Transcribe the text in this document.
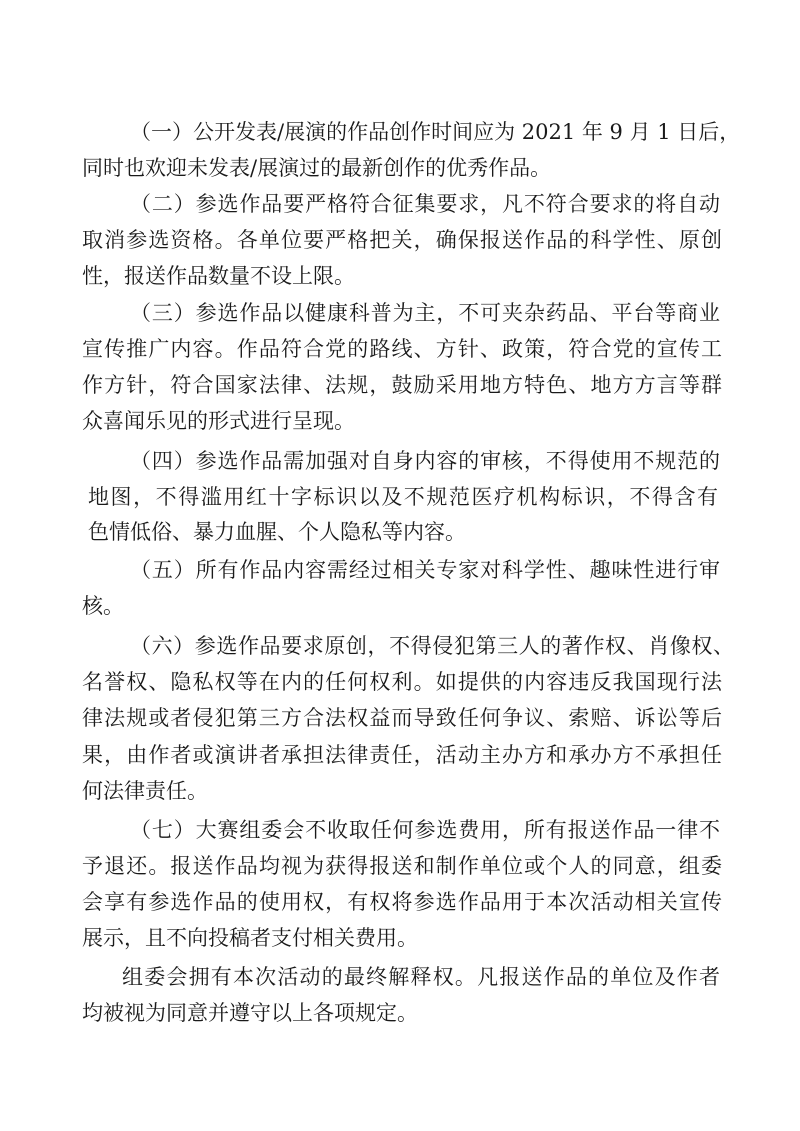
（一）公开发表/展演的作品创作时间应为 2021 年 9 月 1 日后，
同时也欢迎未发表/展演过的最新创作的优秀作品。
（二）参选作品要严格符合征集要求，凡不符合要求的将自动
取消参选资格。各单位要严格把关，确保报送作品的科学性、原创
性，报送作品数量不设上限。
（三）参选作品以健康科普为主，不可夹杂药品、平台等商业
宣传推广内容。作品符合党的路线、方针、政策，符合党的宣传工
作方针，符合国家法律、法规，鼓励采用地方特色、地方方言等群
众喜闻乐见的形式进行呈现。
（四）参选作品需加强对自身内容的审核，不得使用不规范的
地图，不得滥用红十字标识以及不规范医疗机构标识，不得含有
色情低俗、暴力血腥、个人隐私等内容。
（五）所有作品内容需经过相关专家对科学性、趣味性进行审
核。
（六）参选作品要求原创，不得侵犯第三人的著作权、肖像权、
名誉权、隐私权等在内的任何权利。如提供的内容违反我国现行法
律法规或者侵犯第三方合法权益而导致任何争议、索赔、诉讼等后
果，由作者或演讲者承担法律责任，活动主办方和承办方不承担任
何法律责任。
（七）大赛组委会不收取任何参选费用，所有报送作品一律不
予退还。报送作品均视为获得报送和制作单位或个人的同意，组委
会享有参选作品的使用权，有权将参选作品用于本次活动相关宣传
展示，且不向投稿者支付相关费用。
组委会拥有本次活动的最终解释权。凡报送作品的单位及作者
均被视为同意并遵守以上各项规定。
